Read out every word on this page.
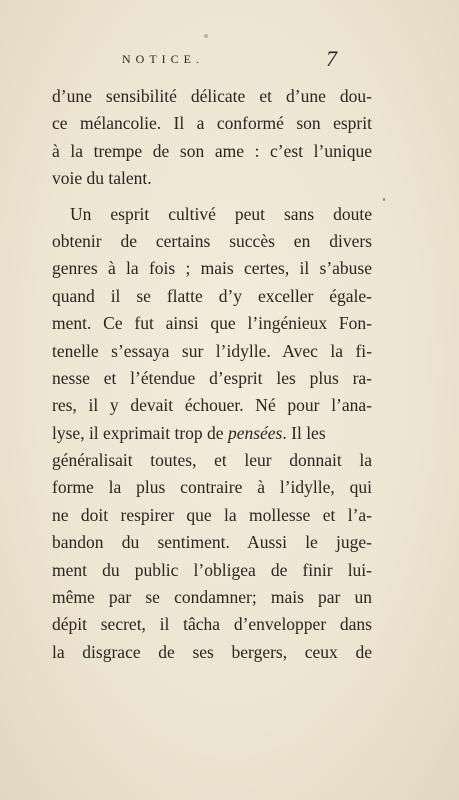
NOTICE.	7
d’une sensibilité délicate et d’une dou-
ce mélancolie. Il a conformé son esprit
à la trempe de son ame : c’est l’unique
voie du talent.
Un esprit cultivé peut sans doute
obtenir de certains succès en divers
genres à la fois ; mais certes, il s’abuse
quand il se flatte d’y exceller égale-
ment. Ce fut ainsi que l’ingénieux Fon-
tenelle s’essaya sur l’idylle. Avec la fi-
nesse et l’étendue d’esprit les plus ra-
res, il y devait échouer. Né pour l’ana-
lyse, il exprimait trop de pensées. Il les
généralisait toutes, et leur donnait la
forme la plus contraire à l’idylle, qui
ne doit respirer que la mollesse et l’a-
bandon du sentiment. Aussi le juge-
ment du public l’obligea de finir lui-
même par se condamner; mais par un
dépit secret, il tâcha d’envelopper dans
la disgrace de ses bergers, ceux de
